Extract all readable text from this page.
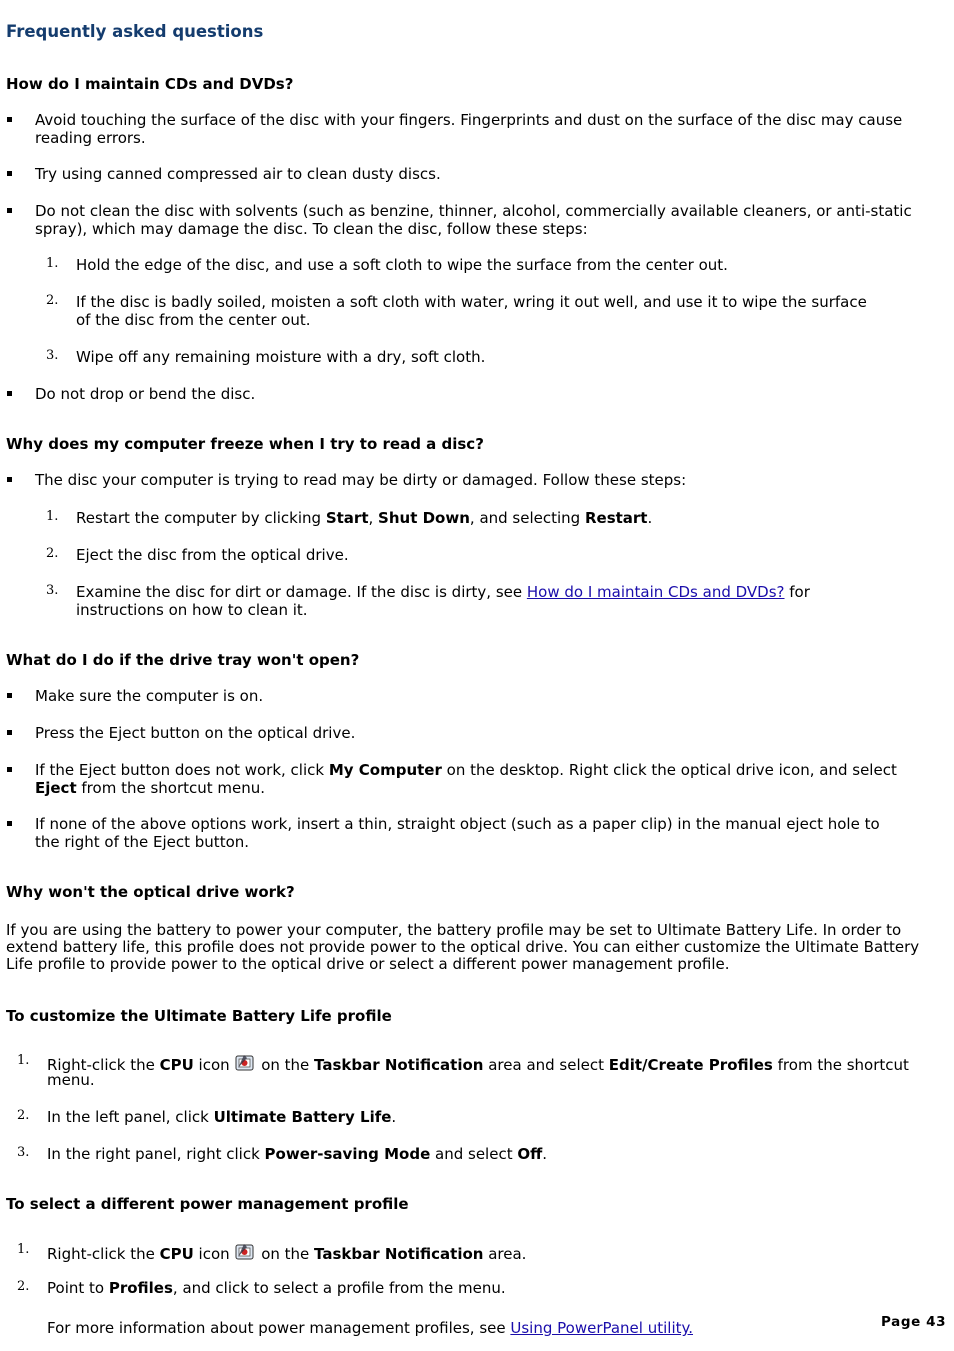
Frequently asked questions
How do I maintain CDs and DVDs?
Avoid touching the surface of the disc with your fingers. Fingerprints and dust on the surface of the disc may cause
reading errors.
Try using canned compressed air to clean dusty discs.
Do not clean the disc with solvents (such as benzine, thinner, alcohol, commercially available cleaners, or anti-static
spray), which may damage the disc. To clean the disc, follow these steps:
1. Hold the edge of the disc, and use a soft cloth to wipe the surface from the center out.
2. If the disc is badly soiled, moisten a soft cloth with water, wring it out well, and use it to wipe the surface
of the disc from the center out.
3. Wipe off any remaining moisture with a dry, soft cloth.
Do not drop or bend the disc.
Why does my computer freeze when I try to read a disc?
The disc your computer is trying to read may be dirty or damaged. Follow these steps:
1. Restart the computer by clicking Start, Shut Down, and selecting Restart.
2. Eject the disc from the optical drive.
3. Examine the disc for dirt or damage. If the disc is dirty, see How do I maintain CDs and DVDs? for
instructions on how to clean it.
What do I do if the drive tray won't open?
Make sure the computer is on.
Press the Eject button on the optical drive.
If the Eject button does not work, click My Computer on the desktop. Right click the optical drive icon, and select
Eject from the shortcut menu.
If none of the above options work, insert a thin, straight object (such as a paper clip) in the manual eject hole to
the right of the Eject button.
Why won't the optical drive work?
If you are using the battery to power your computer, the battery profile may be set to Ultimate Battery Life. In order to
extend battery life, this profile does not provide power to the optical drive. You can either customize the Ultimate Battery
Life profile to provide power to the optical drive or select a different power management profile.
To customize the Ultimate Battery Life profile
1. Right-click the CPU icon  on the Taskbar Notification area and select Edit/Create Profiles from the shortcut
menu.
2. In the left panel, click Ultimate Battery Life.
3. In the right panel, right click Power-saving Mode and select Off.
To select a different power management profile
1. Right-click the CPU icon  on the Taskbar Notification area.
2. Point to Profiles, and click to select a profile from the menu.
For more information about power management profiles, see Using PowerPanel utility.	Page 43
